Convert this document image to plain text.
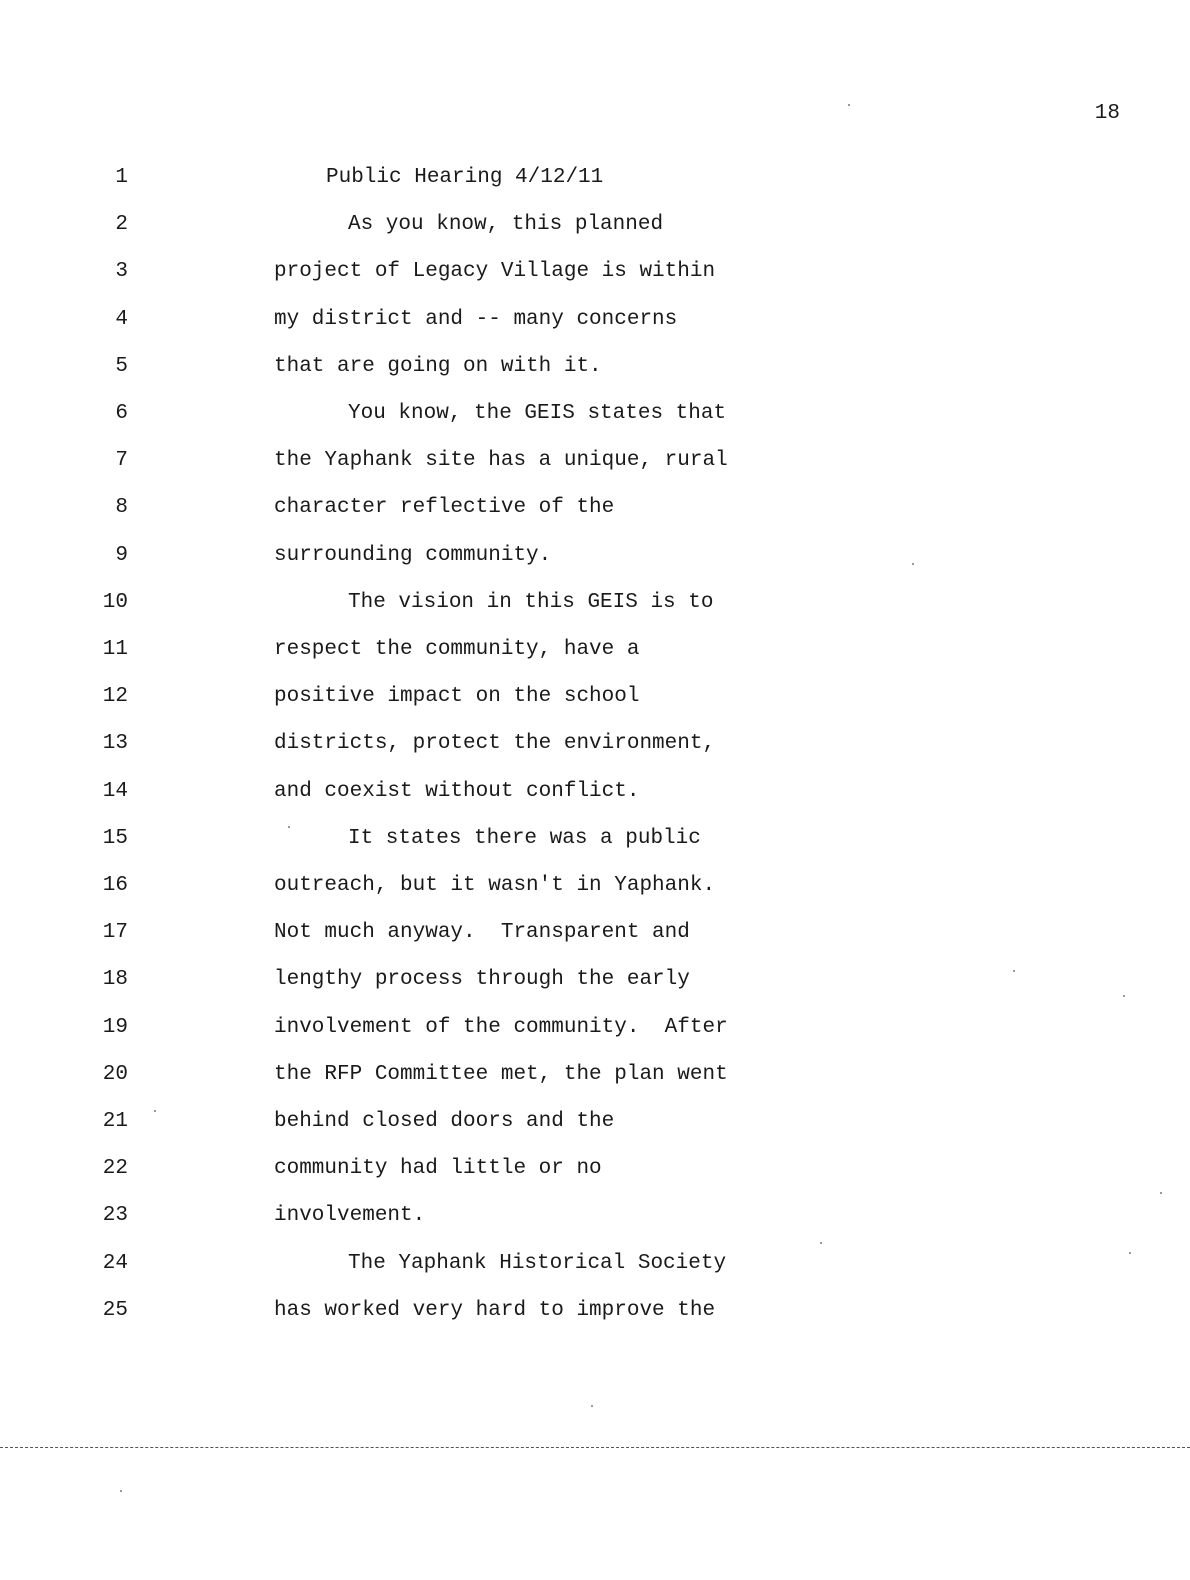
18
1	Public Hearing 4/12/11
2	As you know, this planned
3	project of Legacy Village is within
4	my district and -- many concerns
5	that are going on with it.
6	You know, the GEIS states that
7	the Yaphank site has a unique, rural
8	character reflective of the
9	surrounding community.
10	The vision in this GEIS is to
11	respect the community, have a
12	positive impact on the school
13	districts, protect the environment,
14	and coexist without conflict.
15	It states there was a public
16	outreach, but it wasn't in Yaphank.
17	Not much anyway.  Transparent and
18	lengthy process through the early
19	involvement of the community.  After
20	the RFP Committee met, the plan went
21	behind closed doors and the
22	community had little or no
23	involvement.
24	The Yaphank Historical Society
25	has worked very hard to improve the
